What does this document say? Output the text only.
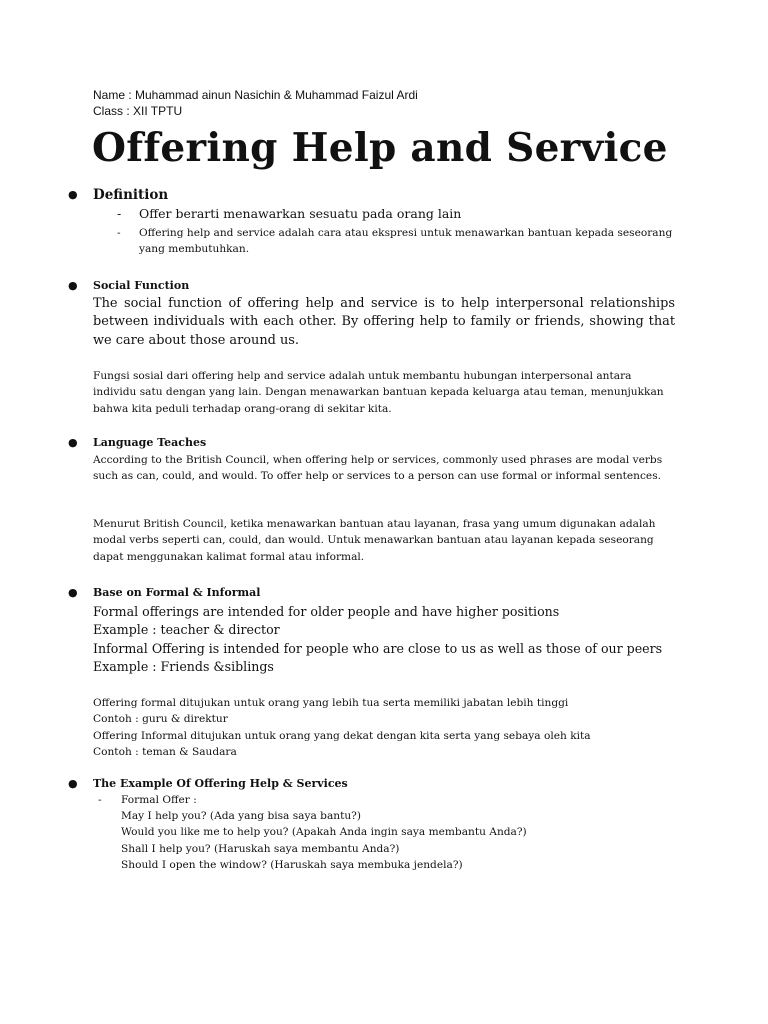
Name : Muhammad ainun Nasichin & Muhammad Faizul Ardi
Class : XII TPTU
Offering Help and Service
● Definition
- Offer berarti menawarkan sesuatu pada orang lain
- Offering help and service adalah cara atau ekspresi untuk menawarkan bantuan kepada seseorang yang membutuhkan.
● Social Function
The social function of offering help and service is to help interpersonal relationships between individuals with each other. By offering help to family or friends, showing that we care about those around us.
Fungsi sosial dari offering help and service adalah untuk membantu hubungan interpersonal antara individu satu dengan yang lain. Dengan menawarkan bantuan kepada keluarga atau teman, menunjukkan bahwa kita peduli terhadap orang-orang di sekitar kita.
● Language Teaches
According to the British Council, when offering help or services, commonly used phrases are modal verbs such as can, could, and would. To offer help or services to a person can use formal or informal sentences.
Menurut British Council, ketika menawarkan bantuan atau layanan, frasa yang umum digunakan adalah modal verbs seperti can, could, dan would. Untuk menawarkan bantuan atau layanan kepada seseorang dapat menggunakan kalimat formal atau informal.
● Base on Formal & Informal
Formal offerings are intended for older people and have higher positions
Example : teacher & director
Informal Offering is intended for people who are close to us as well as those of our peers
Example : Friends &siblings
Offering formal ditujukan untuk orang yang lebih tua serta memiliki jabatan lebih tinggi
Contoh : guru & direktur
Offering Informal ditujukan untuk orang yang dekat dengan kita serta yang sebaya oleh kita
Contoh : teman & Saudara
● The Example Of Offering Help & Services
- Formal Offer :
May I help you? (Ada yang bisa saya bantu?)
Would you like me to help you? (Apakah Anda ingin saya membantu Anda?)
Shall I help you? (Haruskah saya membantu Anda?)
Should I open the window? (Haruskah saya membuka jendela?)
